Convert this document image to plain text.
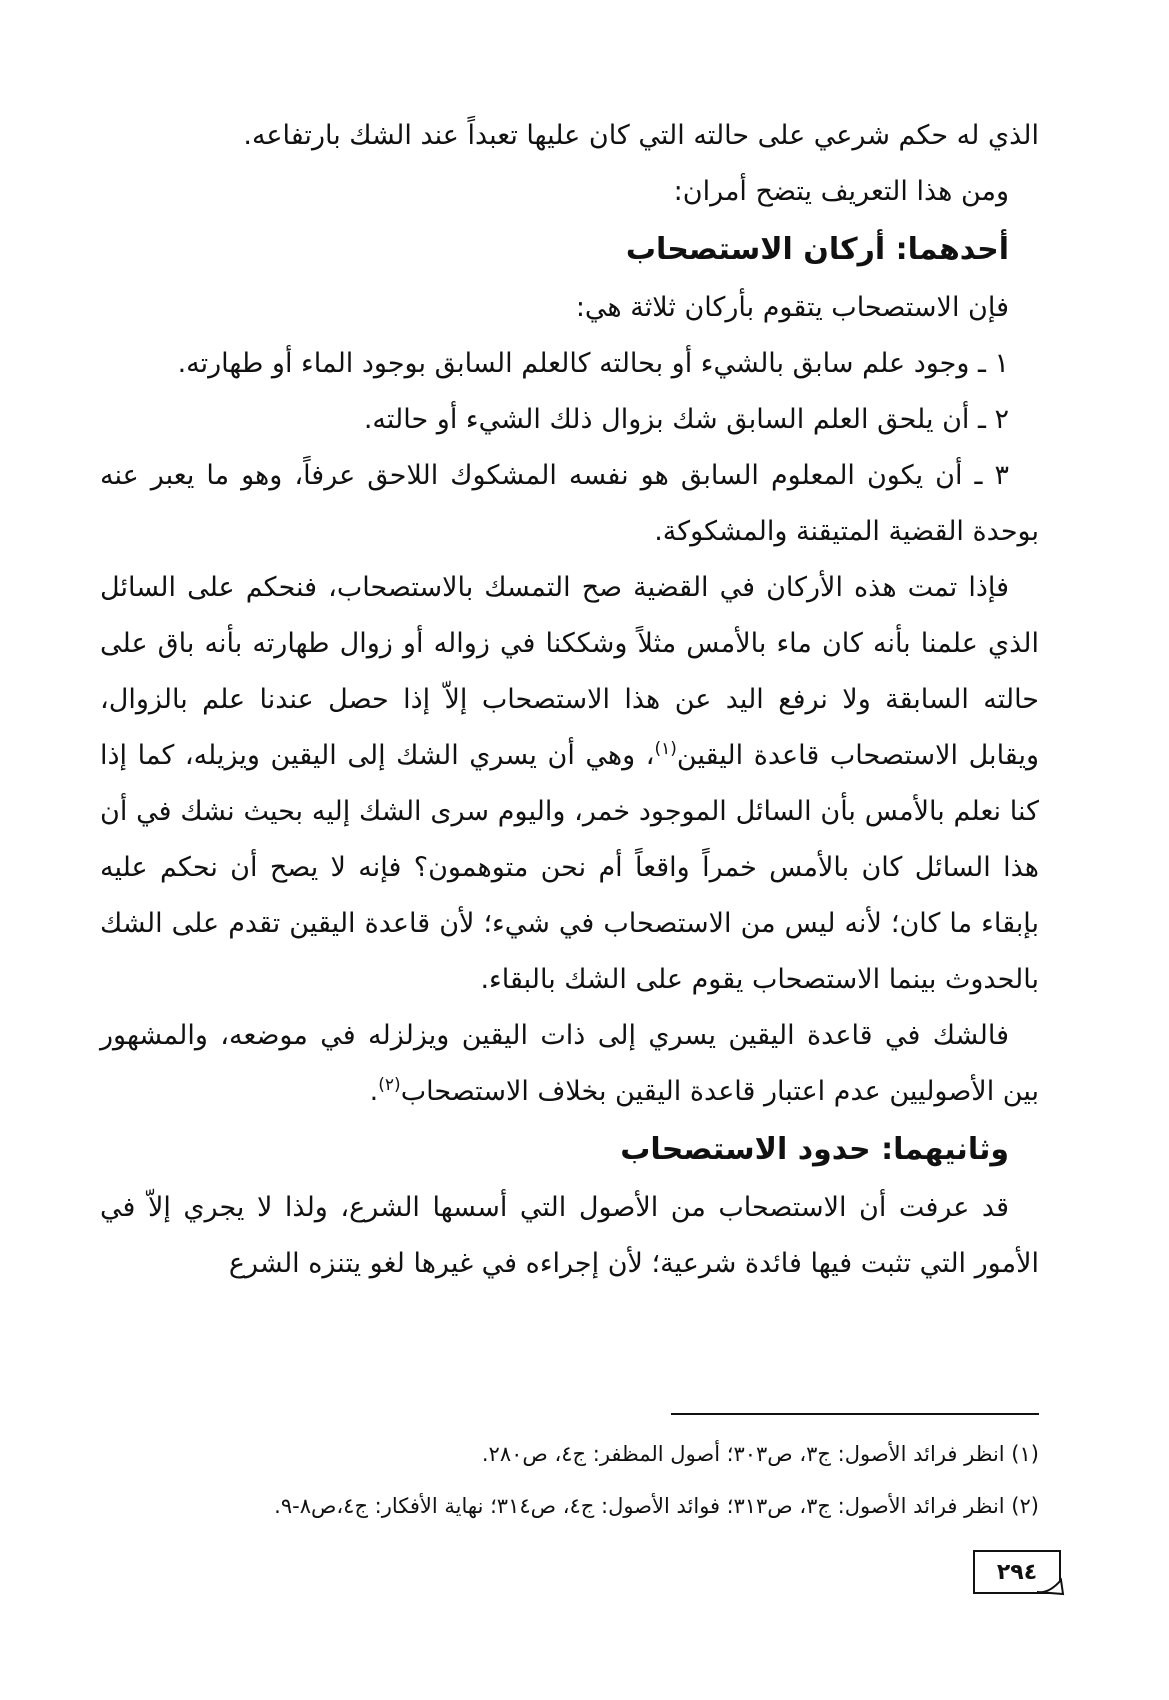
الذي له حكم شرعي على حالته التي كان عليها تعبداً عند الشك بارتفاعه.

ومن هذا التعريف يتضح أمران:

أحدهما: أركان الاستصحاب

فإن الاستصحاب يتقوم بأركان ثلاثة هي:

١ ـ وجود علم سابق بالشيء أو بحالته كالعلم السابق بوجود الماء أو طهارته.

٢ ـ أن يلحق العلم السابق شك بزوال ذلك الشيء أو حالته.

٣ ـ أن يكون المعلوم السابق هو نفسه المشكوك اللاحق عرفاً، وهو ما يعبر عنه بوحدة القضية المتيقنة والمشكوكة.

فإذا تمت هذه الأركان في القضية صح التمسك بالاستصحاب، فنحكم على السائل الذي علمنا بأنه كان ماء بالأمس مثلاً وشككنا في زواله أو زوال طهارته بأنه باق على حالته السابقة ولا نرفع اليد عن هذا الاستصحاب إلاّ إذا حصل عندنا علم بالزوال، ويقابل الاستصحاب قاعدة اليقين$^{(١)}$، وهي أن يسري الشك إلى اليقين ويزيله، كما إذا كنا نعلم بالأمس بأن السائل الموجود خمر، واليوم سرى الشك إليه بحيث نشك في أن هذا السائل كان بالأمس خمراً واقعاً أم نحن متوهمون؟ فإنه لا يصح أن نحكم عليه بإبقاء ما كان؛ لأنه ليس من الاستصحاب في شيء؛ لأن قاعدة اليقين تقدم على الشك بالحدوث بينما الاستصحاب يقوم على الشك بالبقاء.

فالشك في قاعدة اليقين يسري إلى ذات اليقين ويزلزله في موضعه، والمشهور بين الأصوليين عدم اعتبار قاعدة اليقين بخلاف الاستصحاب$^{(٢)}$.

وثانيهما: حدود الاستصحاب

قد عرفت أن الاستصحاب من الأصول التي أسسها الشرع، ولذا لا يجري إلاّ في الأمور التي تثبت فيها فائدة شرعية؛ لأن إجراءه في غيرها لغو يتنزه الشرع

(١) انظر فرائد الأصول: ج٣، ص٣٠٣؛ أصول المظفر: ج٤، ص٢٨٠.

(٢) انظر فرائد الأصول: ج٣، ص٣١٣؛ فوائد الأصول: ج٤، ص٣١٤؛ نهاية الأفكار: ج٤،ص٨-٩.

٢٩٤
